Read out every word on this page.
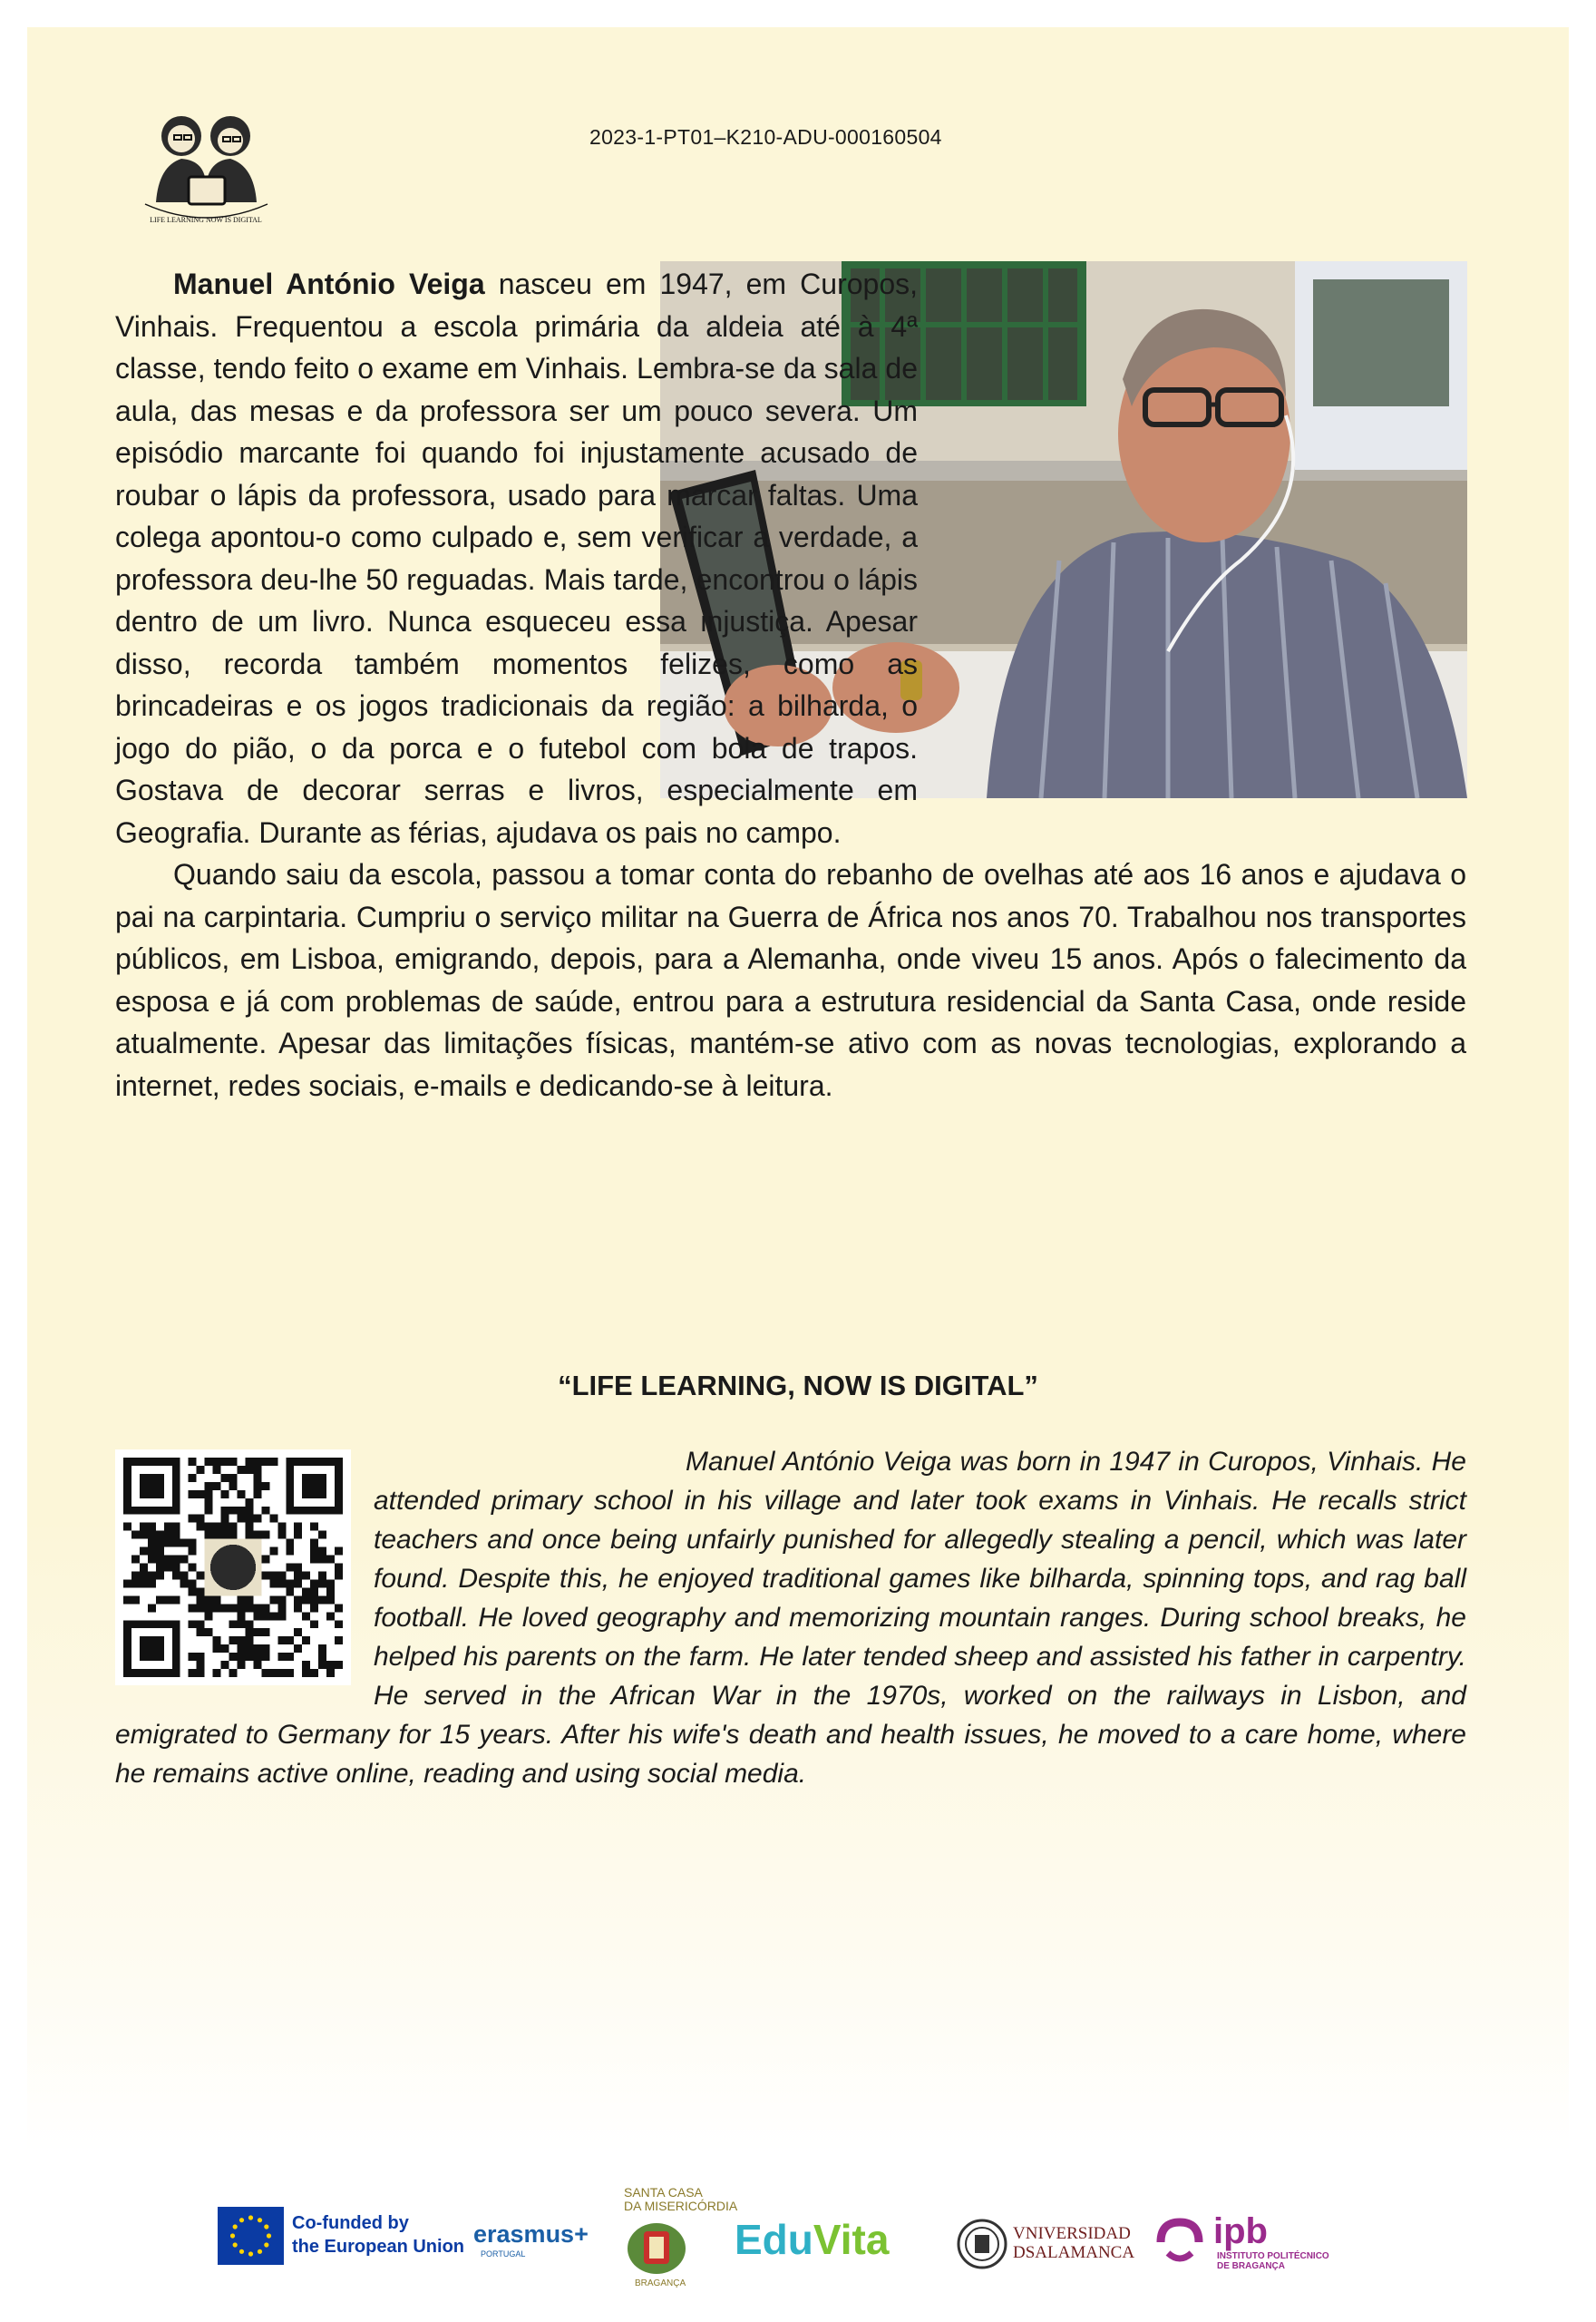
LIFE LEARNING NOW IS DIGITAL
2023-1-PT01–K210-ADU-000160504

Manuel António Veiga nasceu em 1947, em Curopos, Vinhais. Frequentou a escola primária da aldeia até à 4ª classe, tendo feito o exame em Vinhais. Lembra-se da sala de aula, das mesas e da professora ser um pouco severa. Um episódio marcante foi quando foi injustamente acusado de roubar o lápis da professora, usado para marcar faltas. Uma colega apontou-o como culpado e, sem verificar a verdade, a professora deu-lhe 50 reguadas. Mais tarde, encontrou o lápis dentro de um livro. Nunca esqueceu essa injustiça. Apesar disso, recorda também momentos felizes, como as brincadeiras e os jogos tradicionais da região: a bilharda, o jogo do pião, o da porca e o futebol com bola de trapos. Gostava de decorar serras e livros, especialmente em Geografia. Durante as férias, ajudava os pais no campo.

Quando saiu da escola, passou a tomar conta do rebanho de ovelhas até aos 16 anos e ajudava o pai na carpintaria. Cumpriu o serviço militar na Guerra de África nos anos 70. Trabalhou nos transportes públicos, em Lisboa, emigrando, depois, para a Alemanha, onde viveu 15 anos. Após o falecimento da esposa e já com problemas de saúde, entrou para a estrutura residencial da Santa Casa, onde reside atualmente. Apesar das limitações físicas, mantém-se ativo com as novas tecnologias, explorando a internet, redes sociais, e-mails e dedicando-se à leitura.

“LIFE LEARNING, NOW IS DIGITAL”

Manuel António Veiga was born in 1947 in Curopos, Vinhais. He attended primary school in his village and later took exams in Vinhais. He recalls strict teachers and once being unfairly punished for allegedly stealing a pencil, which was later found. Despite this, he enjoyed traditional games like bilharda, spinning tops, and rag ball football. He loved geography and memorizing mountain ranges. During school breaks, he helped his parents on the farm. He later tended sheep and assisted his father in carpentry. He served in the African War in the 1970s, worked on the railways in Lisbon, and emigrated to Germany for 15 years. After his wife's death and health issues, he moved to a care home, where he remains active online, reading and using social media.

Co-funded by
the European Union erasmus+
PORTUGAL
SANTA CASA
DA MISERICÓRDIA
BRAGANÇA
EduVita	VNIVERSIDAD
DSALAMANCA
ipb
INSTITUTO POLITÉCNICO
DE BRAGANÇA
